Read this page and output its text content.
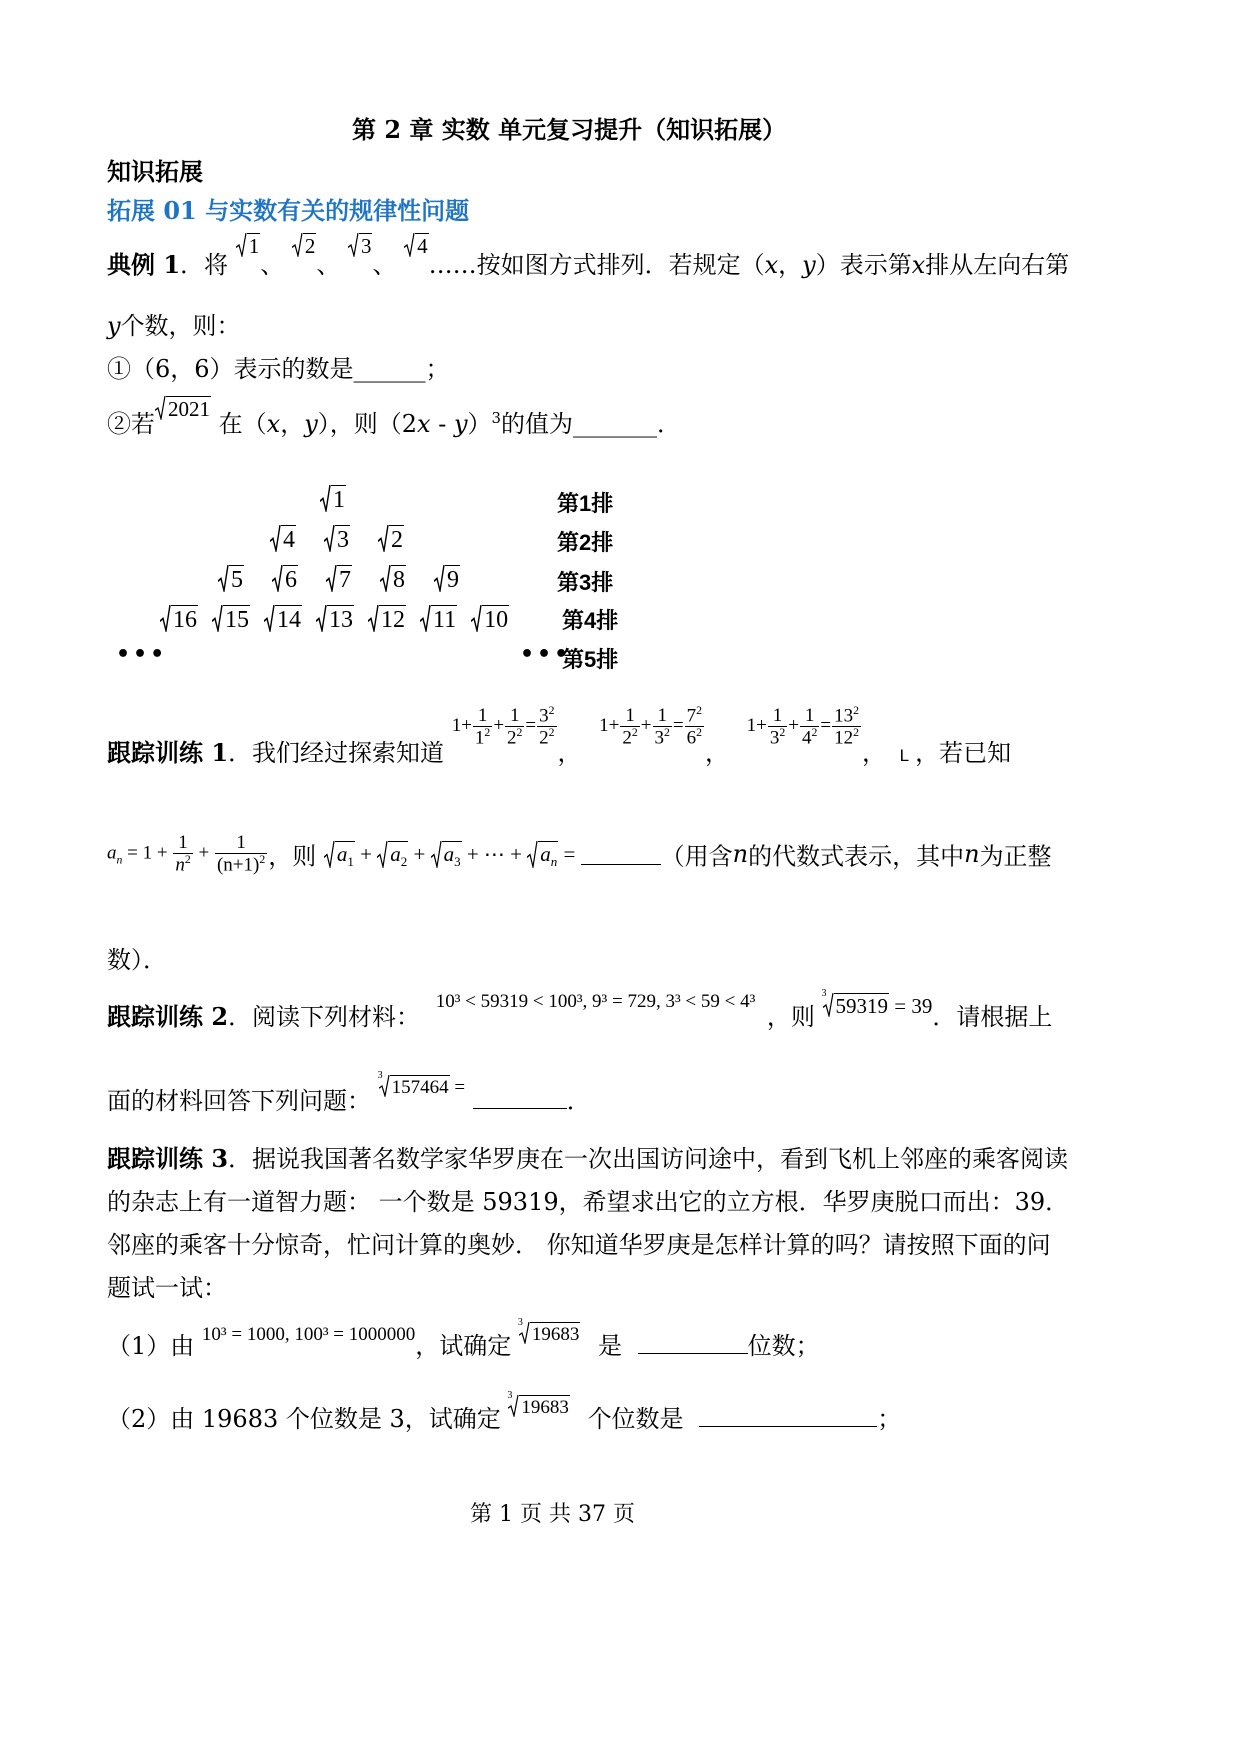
第 2 章 实数 单元复习提升（知识拓展）
知识拓展
拓展 01 与实数有关的规律性问题
典例 1．将
1、
2、
3、
4……按如图方式排列．若规定（x，y）表示第x排从左向右第
y个数，则：
①（6，6）表示的数是______；
②若
2021 在（x，y），则（2x - y）$^3$的值为_______．
1
4 3 2
5 6 7 8 9
16 15 14 13 12 11 10
•••	•••
第1排
第2排
第3排
第4排
第5排
跟踪训练 1．我们经过探索知道 $1+ \frac{1}{1^2} + \frac{1}{2^2} = \frac{3^2}{2^2}$
， $1+ \frac{1}{2^2} + \frac{1}{3^2} = \frac{7^2}{6^2}$
， $1+ \frac{1}{3^2} + \frac{1}{4^2} = \frac{13^2}{12^2}$
， $_L$ ，若已知
$a_n = 1 + \frac{1}{n^2} + \frac{1}{(n+1)^2}$ ，则 $a_1$ +
$a_2$ +
$a_3$ + ⋯ +
$a_n$ =	（用含n的代数式表示，其中n为正整
数）．
跟踪训练 2．阅读下列材料： $^{10^3 < 59319 < 100^3, 9^3 = 729, 3^3 < 59 < 4^3}$ ，则
3
59319 = 39．请根据上
面的材料回答下列问题：
$^{3 157464 =}$	．
跟踪训练 3．据说我国著名数学家华罗庚在一次出国访问途中，看到飞机上邻座的乘客阅读
的杂志上有一道智力题： 一个数是 59319，希望求出它的立方根．华罗庚脱口而出：39．
邻座的乘客十分惊奇，忙问计算的奥妙． 你知道华罗庚是怎样计算的吗？请按照下面的问
题试一试：
（1）由 $^{10^3 = 1000, 100^3 = 1000000}$，试确定
$^{3 19683}$ 是	位数；
（2）由 19683 个位数是 3，试确定
$^{3 19683}$ 个位数是	；
第 1 页 共 37 页
